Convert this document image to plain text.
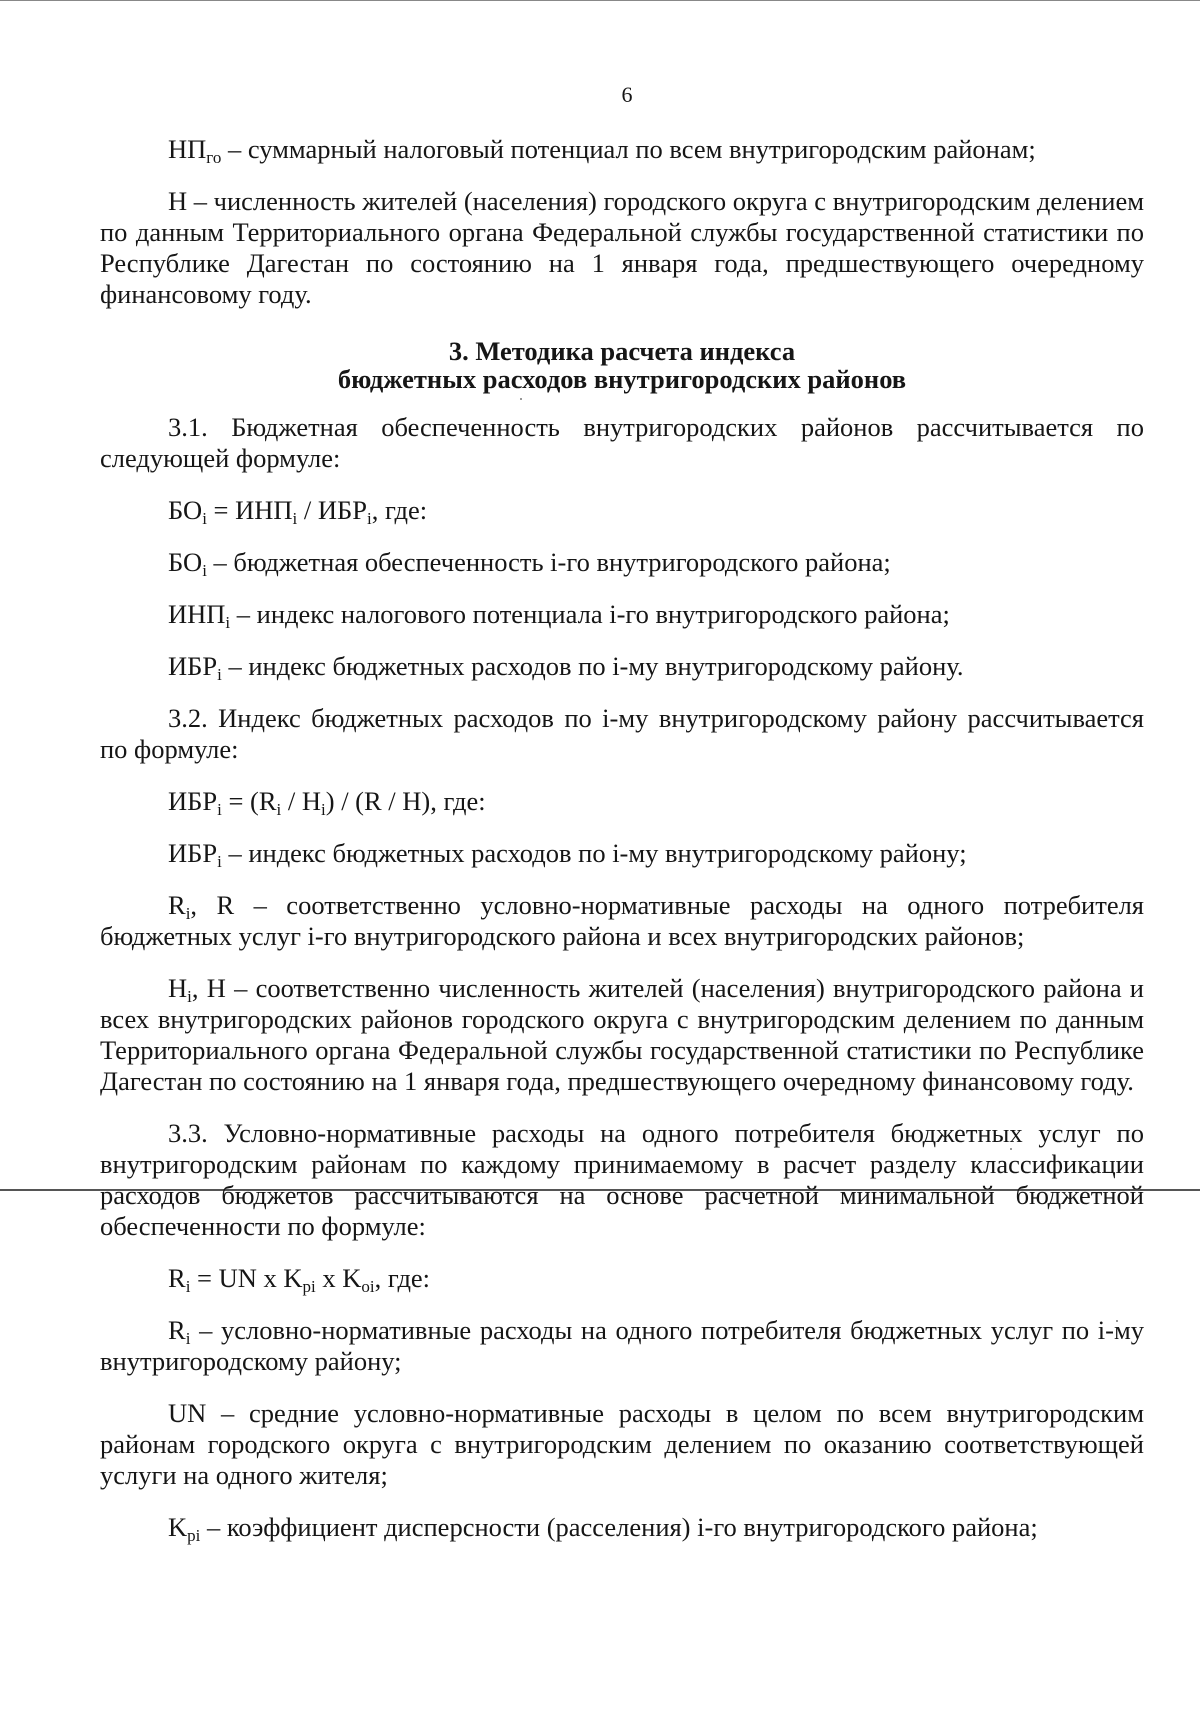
6

$НП_{го}$ – суммарный налоговый потенциал по всем внутригородским районам;

Н – численность жителей (населения) городского округа с внутригородским делением по данным Территориального органа Федеральной службы государственной статистики по Республике Дагестан по состоянию на 1 января года, предшествующего очередному финансовому году.

3. Методика расчета индекса
бюджетных расходов внутригородских районов

3.1. Бюджетная обеспеченность внутригородских районов рассчитывается по следующей формуле:

$БО_i = ИНП_i / ИБР_i$, где:

$БО_i$ – бюджетная обеспеченность i-го внутригородского района;

$ИНП_i$ – индекс налогового потенциала i-го внутригородского района;

$ИБР_i$ – индекс бюджетных расходов по i-му внутригородскому району.

3.2. Индекс бюджетных расходов по i-му внутригородскому району рассчитывается по формуле:

$ИБР_i = (R_i / Н_i) / (R / Н)$, где:

$ИБР_i$ – индекс бюджетных расходов по i-му внутригородскому району;

$R_i$, R – соответственно условно-нормативные расходы на одного потребителя бюджетных услуг i-го внутригородского района и всех внутригородских районов;

$Н_i$, Н – соответственно численность жителей (населения) внутригородского района и всех внутригородских районов городского округа с внутригородским делением по данным Территориального органа Федеральной службы государственной статистики по Республике Дагестан по состоянию на 1 января года, предшествующего очередному финансовому году.

3.3. Условно-нормативные расходы на одного потребителя бюджетных услуг по внутригородским районам по каждому принимаемому в расчет разделу классификации расходов бюджетов рассчитываются на основе расчетной минимальной бюджетной обеспеченности по формуле:

$R_i$ = UN x $K_{pi}$ x $K_{oi}$, где:

$R_i$ – условно-нормативные расходы на одного потребителя бюджетных услуг по i-му внутригородскому району;

UN – средние условно-нормативные расходы в целом по всем внутригородским районам городского округа с внутригородским делением по оказанию соответствующей услуги на одного жителя;

$K_{pi}$ – коэффициент дисперсности (расселения) i-го внутригородского района;
